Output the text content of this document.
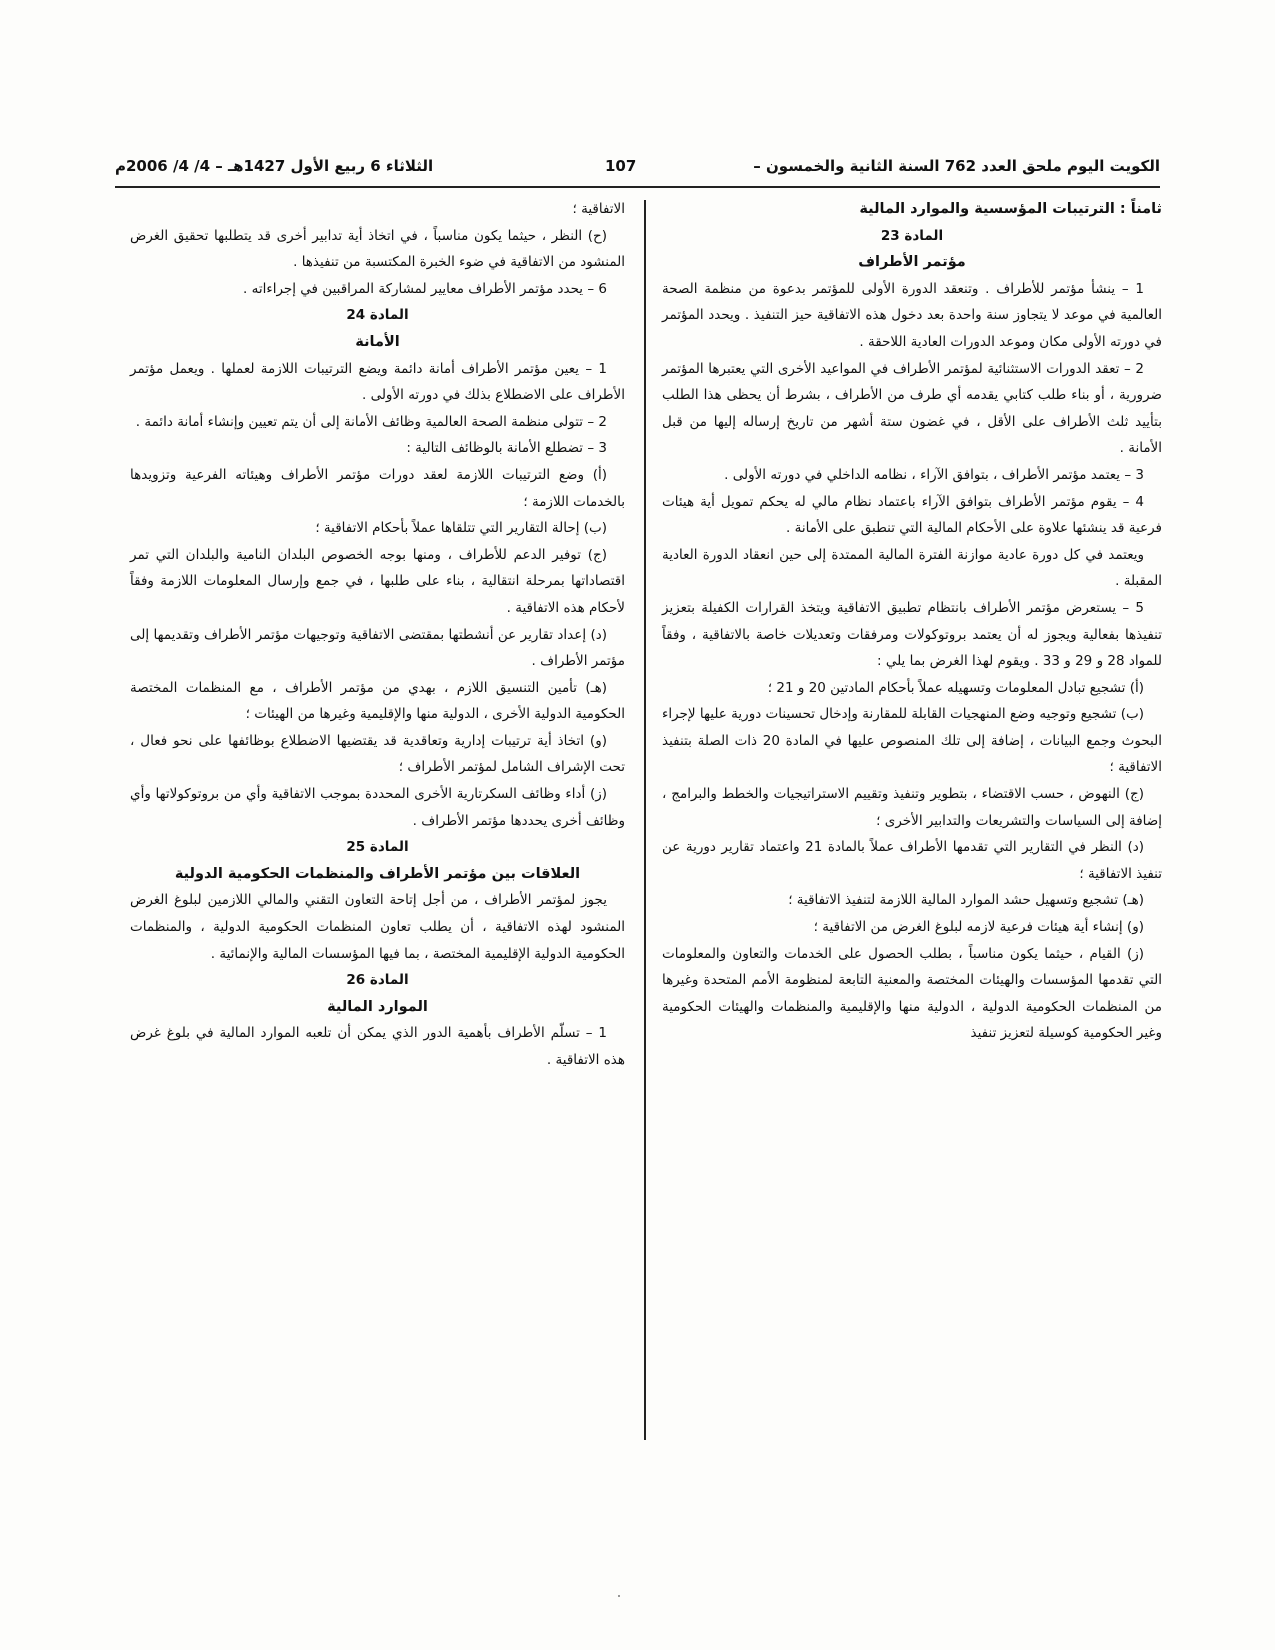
الكويت اليوم ملحق العدد 762 السنة الثانية والخمسون –
107
الثلاثاء 6 ربيع الأول 1427هـ – 4/ 4/ 2006م

ثامناً : الترتيبات المؤسسية والموارد المالية

المادة 23

مؤتمر الأطراف

1 – ينشأ مؤتمر للأطراف . وتنعقد الدورة الأولى للمؤتمر بدعوة من منظمة الصحة العالمية في موعد لا يتجاوز سنة واحدة بعد دخول هذه الاتفاقية حيز التنفيذ . ويحدد المؤتمر في دورته الأولى مكان وموعد الدورات العادية اللاحقة .

2 – تعقد الدورات الاستثنائية لمؤتمر الأطراف في المواعيد الأخرى التي يعتبرها المؤتمر ضرورية ، أو بناء طلب كتابي يقدمه أي طرف من الأطراف ، بشرط أن يحظى هذا الطلب بتأييد ثلث الأطراف على الأقل ، في غضون ستة أشهر من تاريخ إرساله إليها من قبل الأمانة .

3 – يعتمد مؤتمر الأطراف ، بتوافق الآراء ، نظامه الداخلي في دورته الأولى .

4 – يقوم مؤتمر الأطراف بتوافق الآراء باعتماد نظام مالي له يحكم تمويل أية هيئات فرعية قد ينشئها علاوة على الأحكام المالية التي تنطبق على الأمانة .

ويعتمد في كل دورة عادية موازنة الفترة المالية الممتدة إلى حين انعقاد الدورة العادية المقبلة .

5 – يستعرض مؤتمر الأطراف بانتظام تطبيق الاتفاقية ويتخذ القرارات الكفيلة بتعزيز تنفيذها بفعالية ويجوز له أن يعتمد بروتوكولات ومرفقات وتعديلات خاصة بالاتفاقية ، وفقاً للمواد 28 و 29 و 33 . ويقوم لهذا الغرض بما يلي :

(أ) تشجيع تبادل المعلومات وتسهيله عملاً بأحكام المادتين 20 و 21 ؛

(ب) تشجيع وتوجيه وضع المنهجيات القابلة للمقارنة وإدخال تحسينات دورية عليها لإجراء البحوث وجمع البيانات ، إضافة إلى تلك المنصوص عليها في المادة 20 ذات الصلة بتنفيذ الاتفاقية ؛

(ج) النهوض ، حسب الاقتضاء ، بتطوير وتنفيذ وتقييم الاستراتيجيات والخطط والبرامج ، إضافة إلى السياسات والتشريعات والتدابير الأخرى ؛

(د) النظر في التقارير التي تقدمها الأطراف عملاً بالمادة 21 واعتماد تقارير دورية عن تنفيذ الاتفاقية ؛

(هـ) تشجيع وتسهيل حشد الموارد المالية اللازمة لتنفيذ الاتفاقية ؛

(و) إنشاء أية هيئات فرعية لازمه لبلوغ الغرض من الاتفاقية ؛

(ز) القيام ، حيثما يكون مناسباً ، بطلب الحصول على الخدمات والتعاون والمعلومات التي تقدمها المؤسسات والهيئات المختصة والمعنية التابعة لمنظومة الأمم المتحدة وغيرها من المنظمات الحكومية الدولية ، الدولية منها والإقليمية والمنظمات والهيئات الحكومية وغير الحكومية كوسيلة لتعزيز تنفيذ

الاتفاقية ؛

(ح) النظر ، حيثما يكون مناسباً ، في اتخاذ أية تدابير أخرى قد يتطلبها تحقيق الغرض المنشود من الاتفاقية في ضوء الخبرة المكتسبة من تنفيذها .

6 – يحدد مؤتمر الأطراف معايير لمشاركة المراقبين في إجراءاته .

المادة 24

الأمانة

1 – يعين مؤتمر الأطراف أمانة دائمة ويضع الترتيبات اللازمة لعملها . ويعمل مؤتمر الأطراف على الاضطلاع بذلك في دورته الأولى .

2 – تتولى منظمة الصحة العالمية وظائف الأمانة إلى أن يتم تعيين وإنشاء أمانة دائمة .

3 – تضطلع الأمانة بالوظائف التالية :

(أ) وضع الترتيبات اللازمة لعقد دورات مؤتمر الأطراف وهيئاته الفرعية وتزويدها بالخدمات اللازمة ؛

(ب) إحالة التقارير التي تتلقاها عملاً بأحكام الاتفاقية ؛

(ج) توفير الدعم للأطراف ، ومنها بوجه الخصوص البلدان النامية والبلدان التي تمر اقتصاداتها بمرحلة انتقالية ، بناء على طلبها ، في جمع وإرسال المعلومات اللازمة وفقاً لأحكام هذه الاتفاقية .

(د) إعداد تقارير عن أنشطتها بمقتضى الاتفاقية وتوجيهات مؤتمر الأطراف وتقديمها إلى مؤتمر الأطراف .

(هـ) تأمين التنسيق اللازم ، بهدي من مؤتمر الأطراف ، مع المنظمات المختصة الحكومية الدولية الأخرى ، الدولية منها والإقليمية وغيرها من الهيئات ؛

(و) اتخاذ أية ترتيبات إدارية وتعاقدية قد يقتضيها الاضطلاع بوظائفها على نحو فعال ، تحت الإشراف الشامل لمؤتمر الأطراف ؛

(ز) أداء وظائف السكرتارية الأخرى المحددة بموجب الاتفاقية وأي من بروتوكولاتها وأي وظائف أخرى يحددها مؤتمر الأطراف .

المادة 25

العلاقات بين مؤتمر الأطراف والمنظمات الحكومية الدولية

يجوز لمؤتمر الأطراف ، من أجل إتاحة التعاون التقني والمالي اللازمين لبلوغ الغرض المنشود لهذه الاتفاقية ، أن يطلب تعاون المنظمات الحكومية الدولية ، والمنظمات الحكومية الدولية الإقليمية المختصة ، بما فيها المؤسسات المالية والإنمائية .

المادة 26

الموارد المالية

1 – تسلّم الأطراف بأهمية الدور الذي يمكن أن تلعبه الموارد المالية في بلوغ غرض هذه الاتفاقية .
